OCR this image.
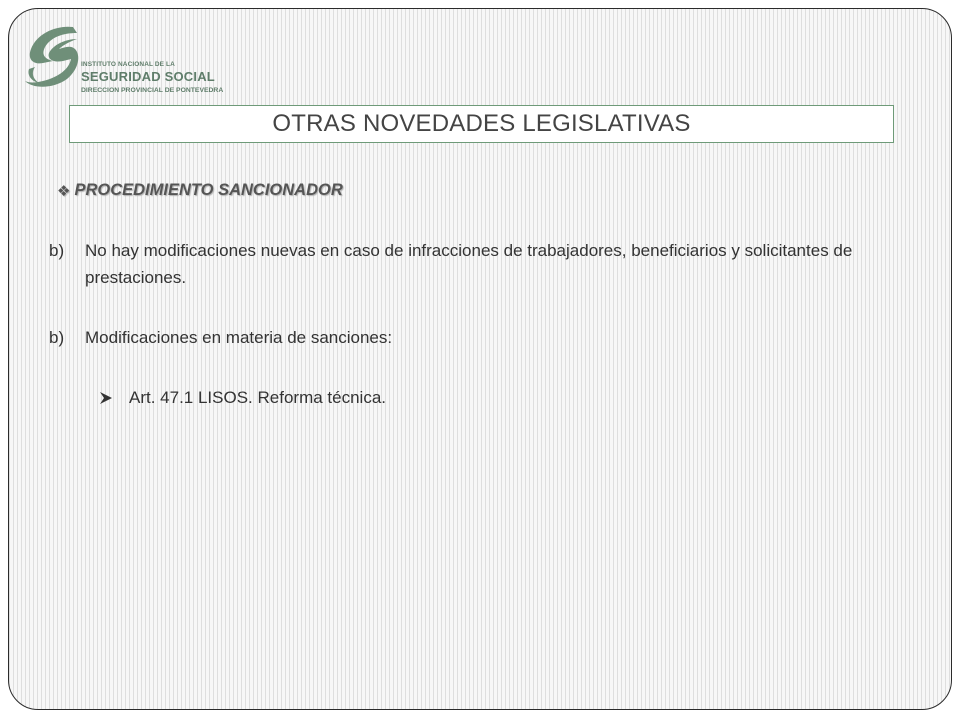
INSTITUTO NACIONAL DE LA
SEGURIDAD SOCIAL
DIRECCION PROVINCIAL DE PONTEVEDRA
OTRAS NOVEDADES LEGISLATIVAS
❖ PROCEDIMIENTO SANCIONADOR
b) No hay modificaciones nuevas en caso de infracciones de trabajadores, beneficiarios y solicitantes de prestaciones.
b) Modificaciones en materia de sanciones:
Art. 47.1 LISOS. Reforma técnica.
